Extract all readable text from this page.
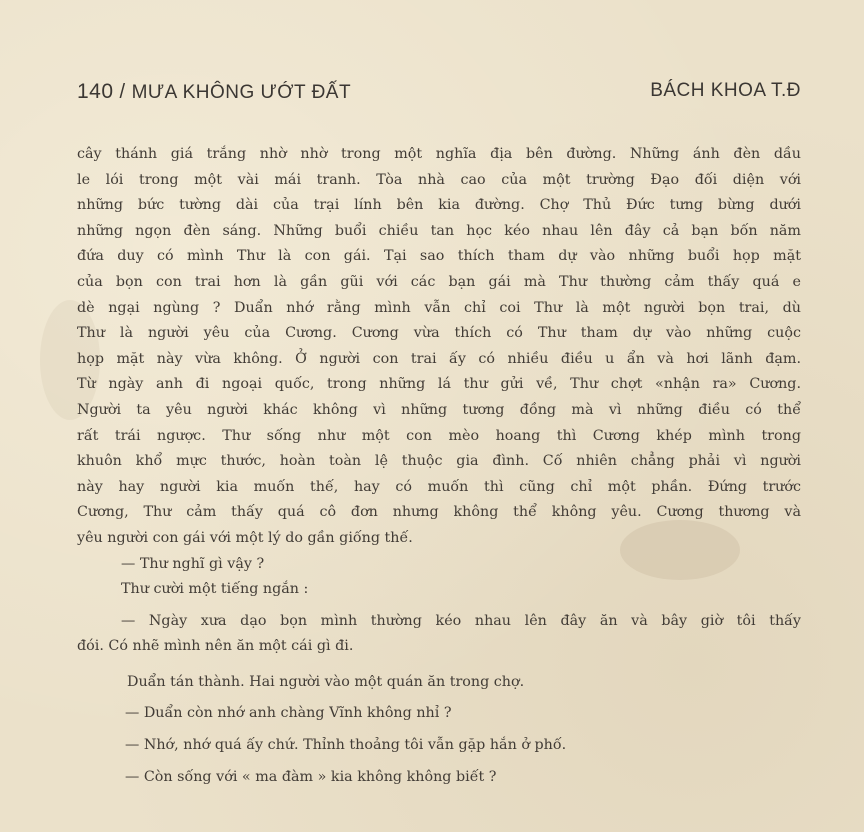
140 / MƯA KHÔNG ƯỚT ĐẤT	BÁCH KHOA T.Đ
cây thánh giá trắng nhờ nhờ trong một nghĩa địa bên đường. Những ánh đèn dầu
le lói trong một vài mái tranh. Tòa nhà cao của một trường Đạo đối diện với
những bức tường dài của trại lính bên kia đường. Chợ Thủ Đức tưng bừng dưới
những ngọn đèn sáng. Những buổi chiều tan học kéo nhau lên đây cả bạn bốn năm
đứa duy có mình Thư là con gái. Tại sao thích tham dự vào những buổi họp mặt
của bọn con trai hơn là gần gũi với các bạn gái mà Thư thường cảm thấy quá e
dè ngại ngùng ? Duẩn nhớ rằng mình vẫn chỉ coi Thư là một người bọn trai, dù
Thư là người yêu của Cương. Cương vừa thích có Thư tham dự vào những cuộc
họp mặt này vừa không. Ở người con trai ấy có nhiều điều u ẩn và hơi lãnh đạm.
Từ ngày anh đi ngoại quốc, trong những lá thư gửi về, Thư chợt «nhận ra» Cương.
Người ta yêu người khác không vì những tương đồng mà vì những điều có thể
rất trái ngược. Thư sống như một con mèo hoang thì Cương khép mình trong
khuôn khổ mực thước, hoàn toàn lệ thuộc gia đình. Cố nhiên chẳng phải vì người
này hay người kia muốn thế, hay có muốn thì cũng chỉ một phần. Đứng trước
Cương, Thư cảm thấy quá cô đơn nhưng không thể không yêu. Cương thương và
yêu người con gái với một lý do gần giống thế.
— Thư nghĩ gì vậy ?
Thư cười một tiếng ngắn :
— Ngày xưa dạo bọn mình thường kéo nhau lên đây ăn và bây giờ tôi thấy
đói. Có nhẽ mình nên ăn một cái gì đi.
Duẩn tán thành. Hai người vào một quán ăn trong chợ.
— Duẩn còn nhớ anh chàng Vĩnh không nhỉ ?
— Nhớ, nhớ quá ấy chứ. Thỉnh thoảng tôi vẫn gặp hắn ở phố.
— Còn sống với « ma đàm » kia không không biết ?
